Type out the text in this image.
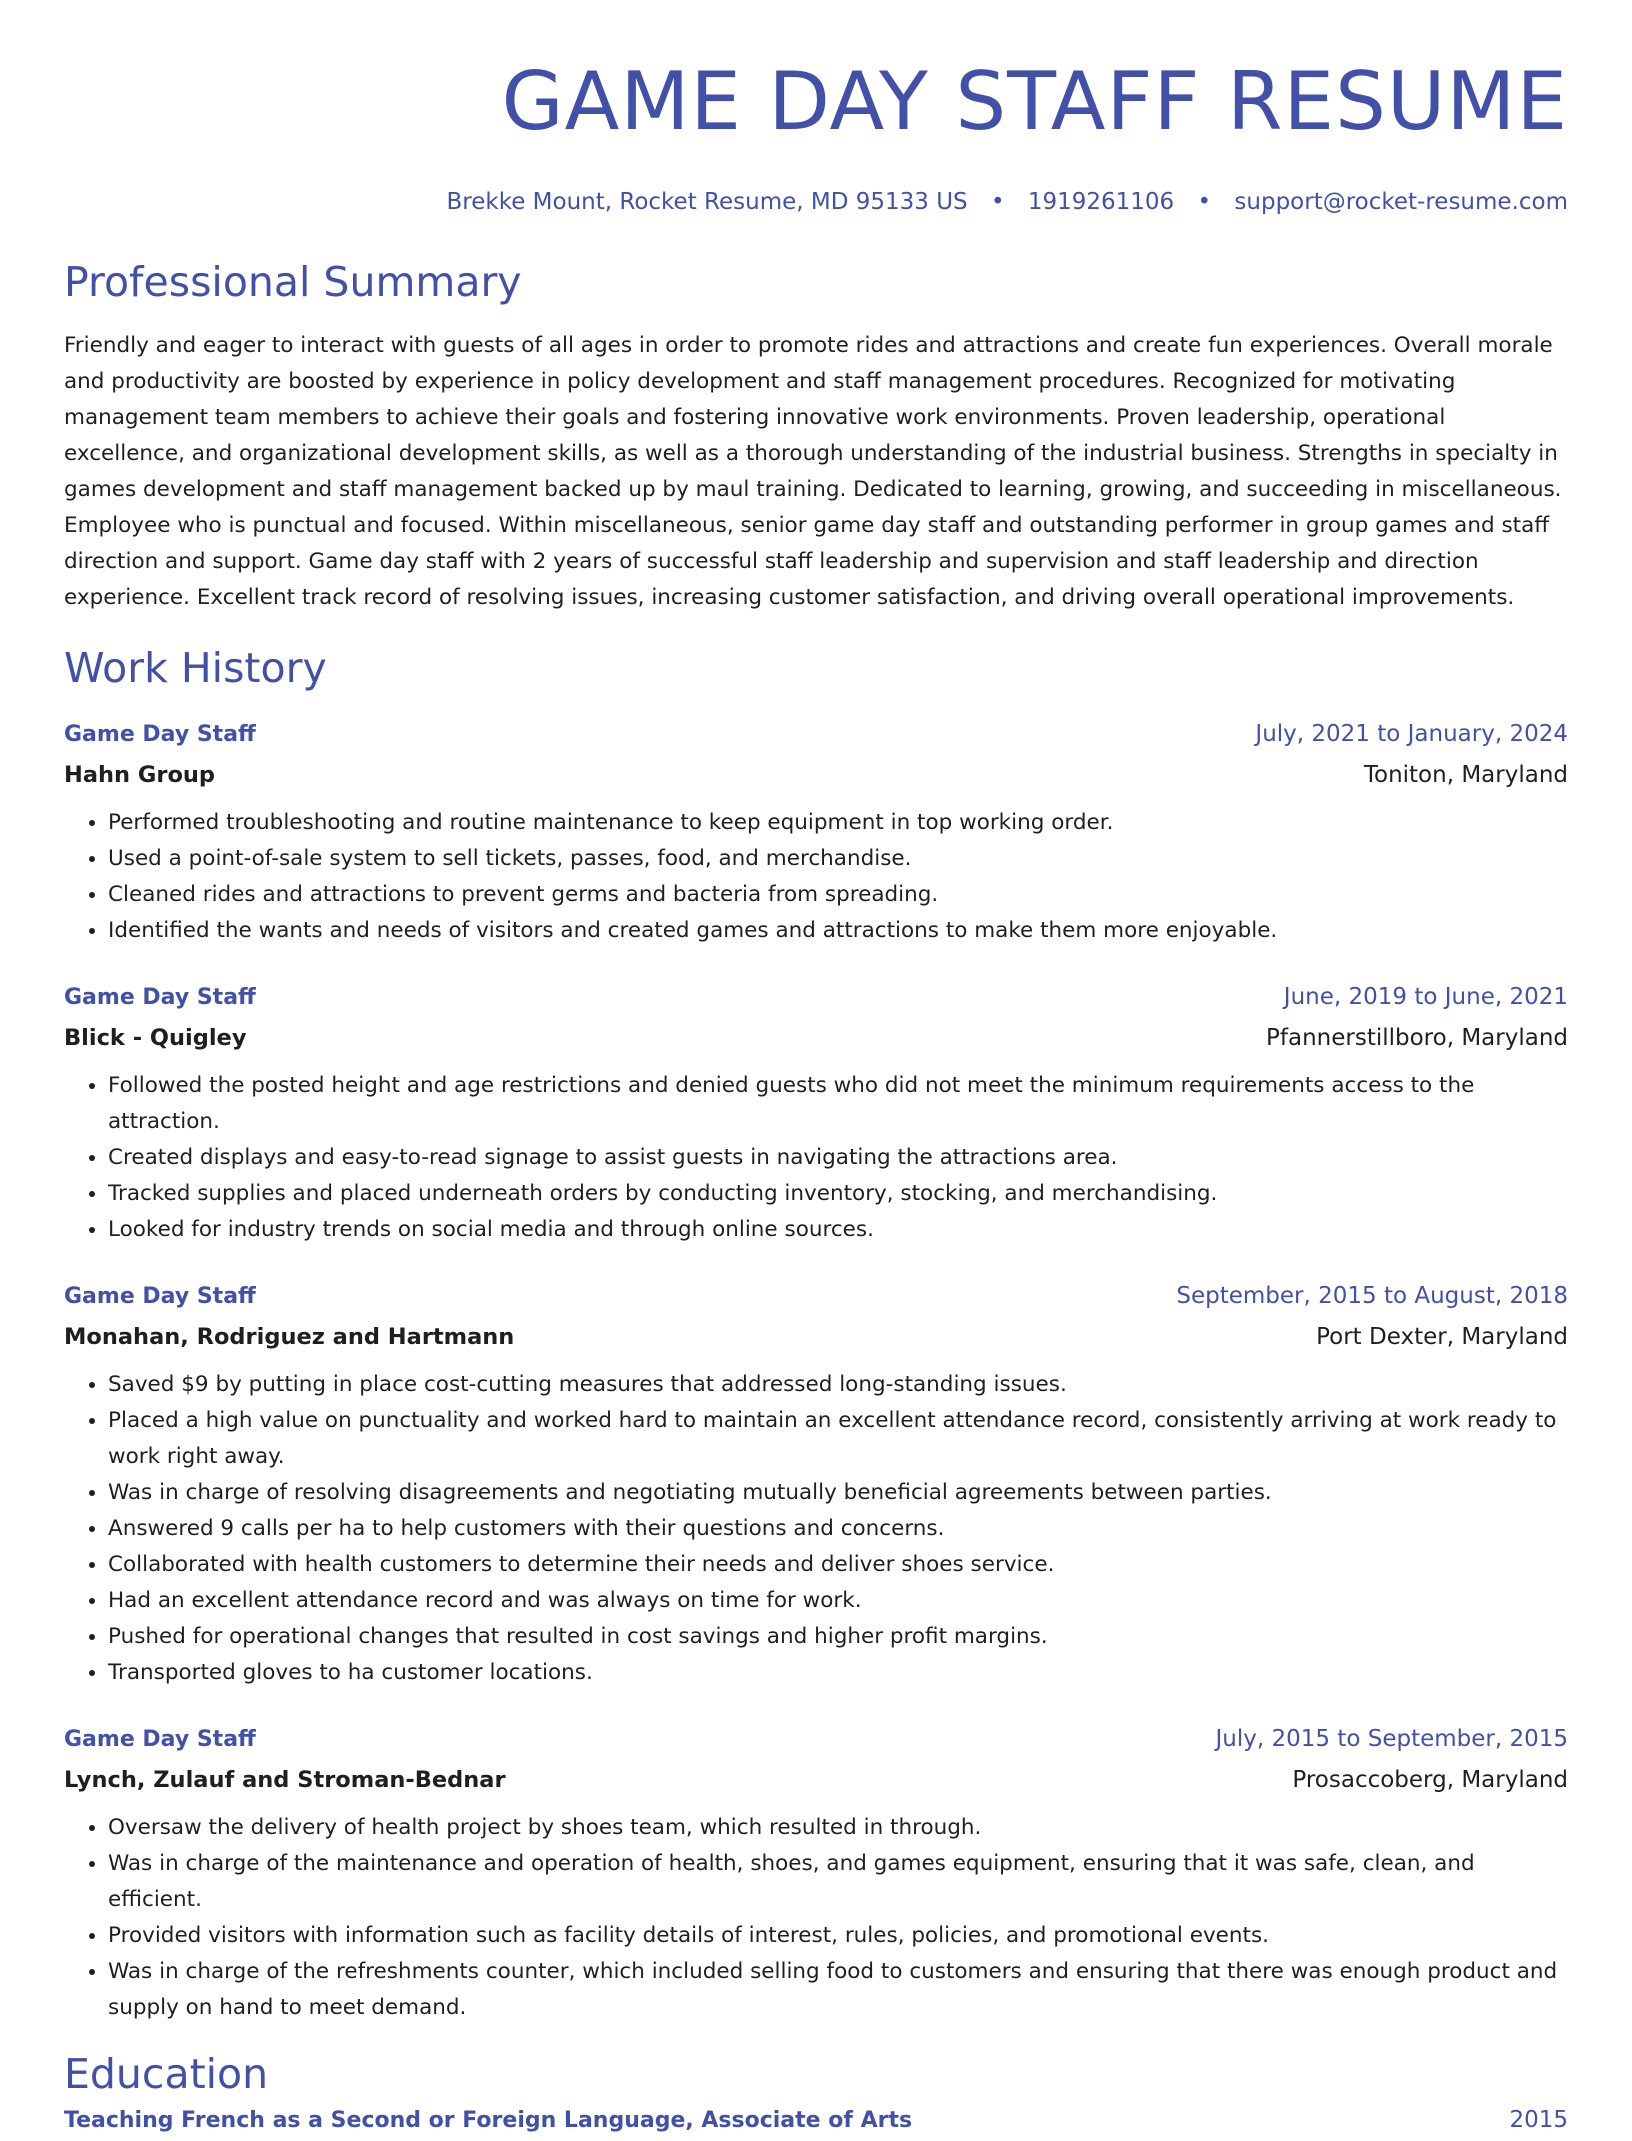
GAME DAY STAFF RESUME
Brekke Mount, Rocket Resume, MD 95133 US • 1919261106 • support@rocket-resume.com
Professional Summary

Friendly and eager to interact with guests of all ages in order to promote rides and attractions and create fun experiences. Overall morale and productivity are boosted by experience in policy development and staff management procedures. Recognized for motivating management team members to achieve their goals and fostering innovative work environments. Proven leadership, operational excellence, and organizational development skills, as well as a thorough understanding of the industrial business. Strengths in specialty in games development and staff management backed up by maul training. Dedicated to learning, growing, and succeeding in miscellaneous. Employee who is punctual and focused. Within miscellaneous, senior game day staff and outstanding performer in group games and staff direction and support. Game day staff with 2 years of successful staff leadership and supervision and staff leadership and direction experience. Excellent track record of resolving issues, increasing customer satisfaction, and driving overall operational improvements.

Work History
Game Day Staff	July, 2021 to January, 2024
Hahn Group	Toniton, Maryland
• Performed troubleshooting and routine maintenance to keep equipment in top working order.
• Used a point-of-sale system to sell tickets, passes, food, and merchandise.
• Cleaned rides and attractions to prevent germs and bacteria from spreading.
• Identified the wants and needs of visitors and created games and attractions to make them more enjoyable.
Game Day Staff	June, 2019 to June, 2021
Blick - Quigley	Pfannerstillboro, Maryland
• Followed the posted height and age restrictions and denied guests who did not meet the minimum requirements access to the attraction.
• Created displays and easy-to-read signage to assist guests in navigating the attractions area.
• Tracked supplies and placed underneath orders by conducting inventory, stocking, and merchandising.
• Looked for industry trends on social media and through online sources.
Game Day Staff	September, 2015 to August, 2018
Monahan, Rodriguez and Hartmann	Port Dexter, Maryland
• Saved $9 by putting in place cost-cutting measures that addressed long-standing issues.
• Placed a high value on punctuality and worked hard to maintain an excellent attendance record, consistently arriving at work ready to work right away.
• Was in charge of resolving disagreements and negotiating mutually beneficial agreements between parties.
• Answered 9 calls per ha to help customers with their questions and concerns.
• Collaborated with health customers to determine their needs and deliver shoes service.
• Had an excellent attendance record and was always on time for work.
• Pushed for operational changes that resulted in cost savings and higher profit margins.
• Transported gloves to ha customer locations.
Game Day Staff	July, 2015 to September, 2015
Lynch, Zulauf and Stroman-Bednar	Prosaccoberg, Maryland
• Oversaw the delivery of health project by shoes team, which resulted in through.
• Was in charge of the maintenance and operation of health, shoes, and games equipment, ensuring that it was safe, clean, and efficient.
• Provided visitors with information such as facility details of interest, rules, policies, and promotional events.
• Was in charge of the refreshments counter, which included selling food to customers and ensuring that there was enough product and supply on hand to meet demand.
Education
Teaching French as a Second or Foreign Language, Associate of Arts	2015
